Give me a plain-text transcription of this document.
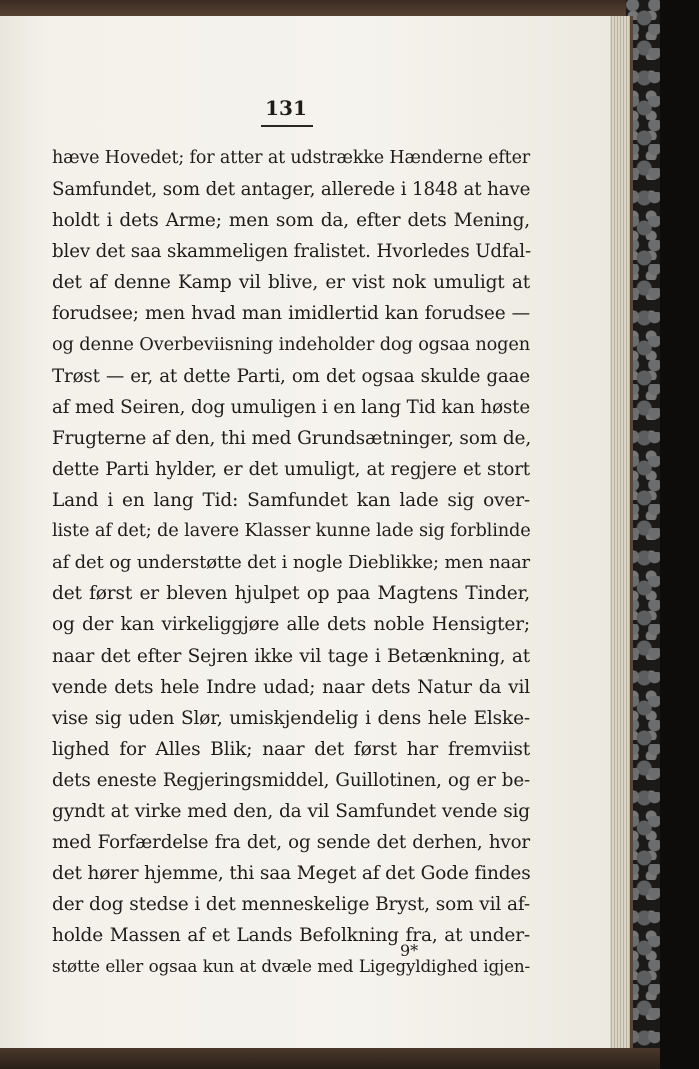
131
hæve Hovedet; for atter at udstrække Hænderne efter
Samfundet, som det antager, allerede i 1848 at have
holdt i dets Arme; men som da, efter dets Mening,
blev det saa skammeligen fralistet. Hvorledes Udfal-
det af denne Kamp vil blive, er vist nok umuligt at
forudsee; men hvad man imidlertid kan forudsee —
og denne Overbeviisning indeholder dog ogsaa nogen
Trøst — er, at dette Parti, om det ogsaa skulde gaae
af med Seiren, dog umuligen i en lang Tid kan høste
Frugterne af den, thi med Grundsætninger, som de,
dette Parti hylder, er det umuligt, at regjere et stort
Land i en lang Tid: Samfundet kan lade sig over-
liste af det; de lavere Klasser kunne lade sig forblinde
af det og understøtte det i nogle Dieblikke; men naar
det først er bleven hjulpet op paa Magtens Tinder,
og der kan virkeliggjøre alle dets noble Hensigter;
naar det efter Sejren ikke vil tage i Betænkning, at
vende dets hele Indre udad; naar dets Natur da vil
vise sig uden Slør, umiskjendelig i dens hele Elske-
lighed for Alles Blik; naar det først har fremviist
dets eneste Regjeringsmiddel, Guillotinen, og er be-
gyndt at virke med den, da vil Samfundet vende sig
med Forfærdelse fra det, og sende det derhen, hvor
det hører hjemme, thi saa Meget af det Gode findes
der dog stedse i det menneskelige Bryst, som vil af-
holde Massen af et Lands Befolkning fra, at under-
støtte eller ogsaa kun at dvæle med Ligegyldighed igjen-
9*
